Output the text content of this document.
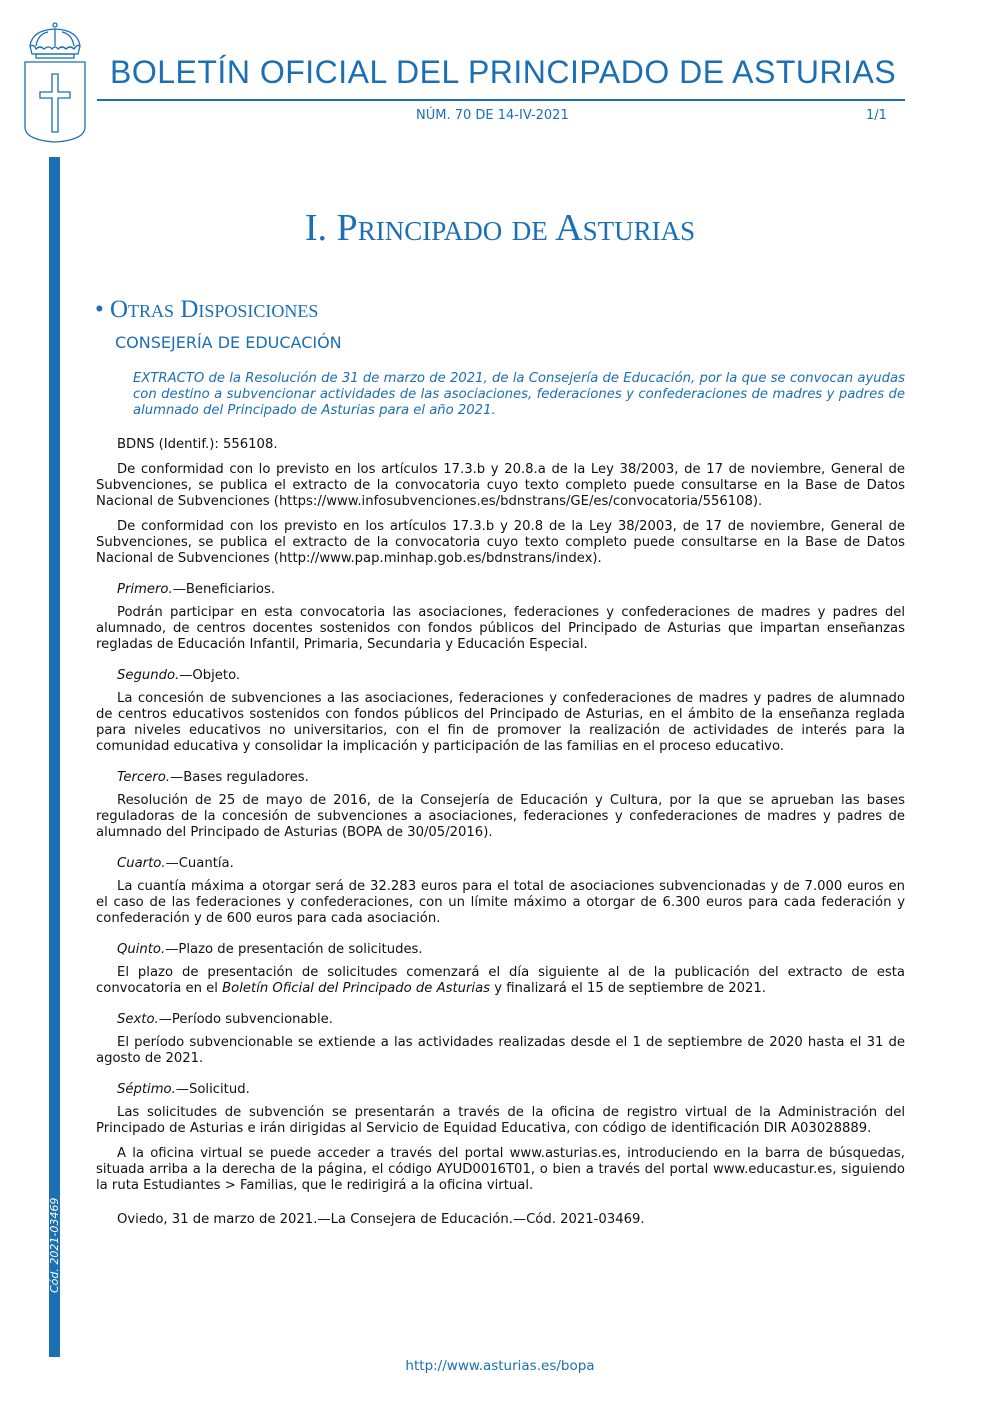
Cód. 2021-03469
BOLETÍN OFICIAL DEL PRINCIPADO DE ASTURIAS
NÚM. 70 DE 14-IV-2021	1/1
I. Principado de Asturias
• Otras Disposiciones
CONSEJERÍA DE EDUCACIÓN
EXTRACTO de la Resolución de 31 de marzo de 2021, de la Consejería de Educación, por la que se convocan ayudas con destino a subvencionar actividades de las asociaciones, federaciones y confederaciones de madres y padres de alumnado del Principado de Asturias para el año 2021.

BDNS (Identif.): 556108.

De conformidad con lo previsto en los artículos 17.3.b y 20.8.a de la Ley 38/2003, de 17 de noviembre, General de Subvenciones, se publica el extracto de la convocatoria cuyo texto completo puede consultarse en la Base de Datos Nacional de Subvenciones (https://www.infosubvenciones.es/bdnstrans/GE/es/convocatoria/556108).

De conformidad con los previsto en los artículos 17.3.b y 20.8 de la Ley 38/2003, de 17 de noviembre, General de Subvenciones, se publica el extracto de la convocatoria cuyo texto completo puede consultarse en la Base de Datos Nacional de Subvenciones (http://www.pap.minhap.gob.es/bdnstrans/index).

Primero.—Beneficiarios.

Podrán participar en esta convocatoria las asociaciones, federaciones y confederaciones de madres y padres del alumnado, de centros docentes sostenidos con fondos públicos del Principado de Asturias que impartan enseñanzas regladas de Educación Infantil, Primaria, Secundaria y Educación Especial.

Segundo.—Objeto.

La concesión de subvenciones a las asociaciones, federaciones y confederaciones de madres y padres de alumnado de centros educativos sostenidos con fondos públicos del Principado de Asturias, en el ámbito de la enseñanza reglada para niveles educativos no universitarios, con el fin de promover la realización de actividades de interés para la comunidad educativa y consolidar la implicación y participación de las familias en el proceso educativo.

Tercero.—Bases reguladores.

Resolución de 25 de mayo de 2016, de la Consejería de Educación y Cultura, por la que se aprueban las bases reguladoras de la concesión de subvenciones a asociaciones, federaciones y confederaciones de madres y padres de alumnado del Principado de Asturias (BOPA de 30/05/2016).

Cuarto.—Cuantía.

La cuantía máxima a otorgar será de 32.283 euros para el total de asociaciones subvencionadas y de 7.000 euros en el caso de las federaciones y confederaciones, con un límite máximo a otorgar de 6.300 euros para cada federación y confederación y de 600 euros para cada asociación.

Quinto.—Plazo de presentación de solicitudes.

El plazo de presentación de solicitudes comenzará el día siguiente al de la publicación del extracto de esta convocatoria en el Boletín Oficial del Principado de Asturias y finalizará el 15 de septiembre de 2021.

Sexto.—Período subvencionable.

El período subvencionable se extiende a las actividades realizadas desde el 1 de septiembre de 2020 hasta el 31 de agosto de 2021.

Séptimo.—Solicitud.

Las solicitudes de subvención se presentarán a través de la oficina de registro virtual de la Administración del Principado de Asturias e irán dirigidas al Servicio de Equidad Educativa, con código de identificación DIR A03028889.

A la oficina virtual se puede acceder a través del portal www.asturias.es, introduciendo en la barra de búsquedas, situada arriba a la derecha de la página, el código AYUD0016T01, o bien a través del portal www.educastur.es, siguiendo la ruta Estudiantes > Familias, que le redirigirá a la oficina virtual.

Oviedo, 31 de marzo de 2021.—La Consejera de Educación.—Cód. 2021-03469.

http://www.asturias.es/bopa
